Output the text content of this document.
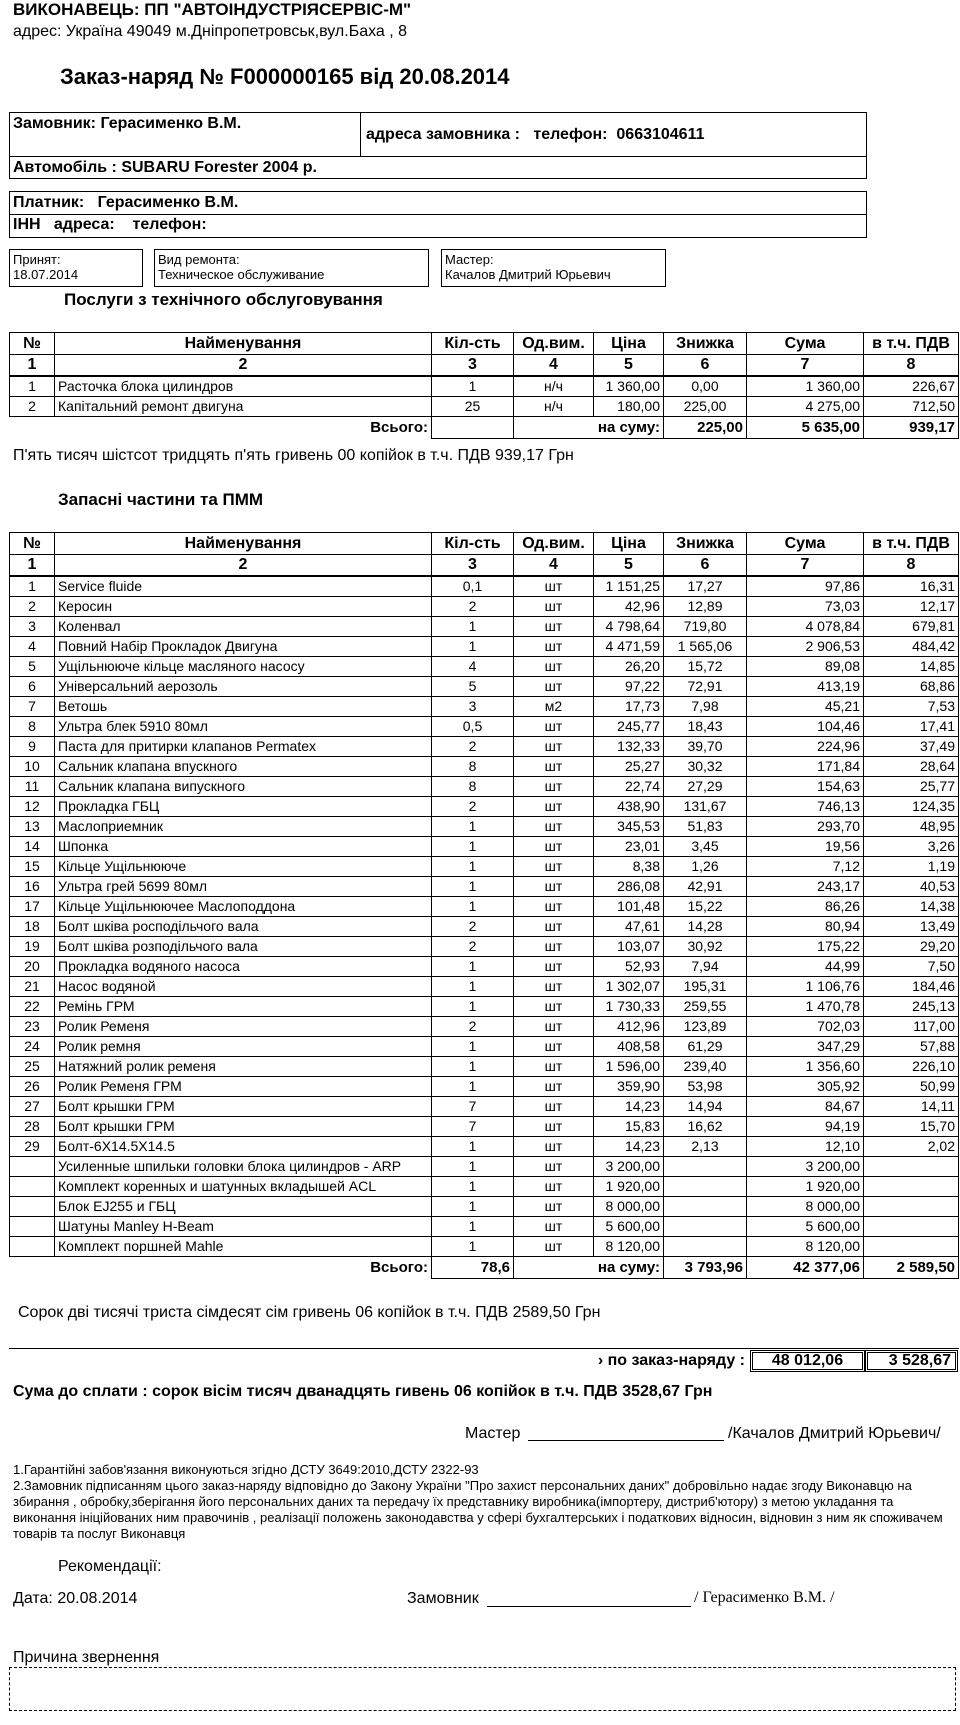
ВИКОНАВЕЦЬ: ПП "АВТОІНДУСТРІЯСЕРВІС-М"
адрес: Україна 49049 м.Дніпропетровськ,вул.Баха , 8
Заказ-наряд № F000000165 від 20.08.2014
Замовник: Герасименко В.М.
адреса замовника : телефон: 0663104611
Автомобіль : SUBARU Forester 2004 р.
Платник: Герасименко В.М.
ІНН   адреса:    телефон:
Принят:
18.07.2014
Вид ремонта:
Техническое обслуживание
Мастер:
Качалов Дмитрий Юрьевич
Послуги з технічного обслуговування
№	Найменування	Кіл-сть	Од.вим.	Ціна	Знижка	Сума	в т.ч. ПДВ
1	2	3	4	5	6	7	8
1	Расточка блока цилиндров	1	н/ч	1 360,00	0,00	1 360,00	226,67
2	Капітальний ремонт двигуна	25	н/ч	180,00	225,00	4 275,00	712,50

Всього:			на суму:		225,00	5 635,00	939,17
П'ять тисяч шістсот тридцять п'ять гривень 00 копійок в т.ч. ПДВ 939,17 Грн
Запасні частини та ПММ
№	Найменування	Кіл-сть	Од.вим.	Ціна	Знижка	Сума	в т.ч. ПДВ
1	2	3	4	5	6	7	8
1	Service fluide	0,1	шт	1 151,25	17,27	97,86	16,31
2	Керосин	2	шт	42,96	12,89	73,03	12,17
3	Коленвал	1	шт	4 798,64	719,80	4 078,84	679,81
4	Повний Набір Прокладок Двигуна	1	шт	4 471,59	1 565,06	2 906,53	484,42
5	Ущільнююче кільце масляного насосу	4	шт	26,20	15,72	89,08	14,85
6	Універсальний аерозоль	5	шт	97,22	72,91	413,19	68,86
7	Ветошь	3	м2	17,73	7,98	45,21	7,53
8	Ультра блек 5910 80мл	0,5	шт	245,77	18,43	104,46	17,41
9	Паста для притирки клапанов Permatex	2	шт	132,33	39,70	224,96	37,49
10	Сальник клапана впускного	8	шт	25,27	30,32	171,84	28,64
11	Сальник клапана випускного	8	шт	22,74	27,29	154,63	25,77
12	Прокладка ГБЦ	2	шт	438,90	131,67	746,13	124,35
13	Маслоприемник	1	шт	345,53	51,83	293,70	48,95
14	Шпонка	1	шт	23,01	3,45	19,56	3,26
15	Кільце Ущільнююче	1	шт	8,38	1,26	7,12	1,19
16	Ультра грей 5699 80мл	1	шт	286,08	42,91	243,17	40,53
17	Кільце Ущільнюючее Маслоподдона	1	шт	101,48	15,22	86,26	14,38
18	Болт шківа росподільчого вала	2	шт	47,61	14,28	80,94	13,49
19	Болт шківа розподільчого вала	2	шт	103,07	30,92	175,22	29,20
20	Прокладка водяного насоса	1	шт	52,93	7,94	44,99	7,50
21	Насос водяной	1	шт	1 302,07	195,31	1 106,76	184,46
22	Ремінь ГРМ	1	шт	1 730,33	259,55	1 470,78	245,13
23	Ролик Ременя	2	шт	412,96	123,89	702,03	117,00
24	Ролик ремня	1	шт	408,58	61,29	347,29	57,88
25	Натяжний ролик ременя	1	шт	1 596,00	239,40	1 356,60	226,10
26	Ролик Ременя ГРМ	1	шт	359,90	53,98	305,92	50,99
27	Болт крышки ГРМ	7	шт	14,23	14,94	84,67	14,11
28	Болт крышки ГРМ	7	шт	15,83	16,62	94,19	15,70
29	Болт-6Х14.5Х14.5	1	шт	14,23	2,13	12,10	2,02
	Усиленные шпильки головки блока цилиндров - ARP	1	шт	3 200,00		3 200,00	
	Комплект коренных и шатунных вкладышей ACL	1	шт	1 920,00		1 920,00	
	Блок EJ255 и ГБЦ	1	шт	8 000,00		8 000,00	
	Шатуны Manley H-Beam	1	шт	5 600,00		5 600,00	
	Комплект поршней Mahle	1	шт	8 120,00		8 120,00	

Всього:		78,6	на суму:		3 793,96	42 377,06	2 589,50
Сорок дві тисячі триста сімдесят сім гривень 06 копійок в т.ч. ПДВ 2589,50 Грн
› по заказ-наряду :	48 012,06	3 528,67
Сума до сплати : сорок вісім тисяч дванадцять гивень 06 копійок в т.ч. ПДВ 3528,67 Грн
Мастер	/Качалов Дмитрий Юрьевич/
1.Гарантійні забов'язання виконуються згідно ДСТУ 3649:2010,ДСТУ 2322-93
2.Замовник підписанням цього заказ-наряду відповідно до Закону України "Про захист персональних даних" добровільно надає згоду Виконавцю на збирання , обробку,зберігання його персональних даних та передачу їх представнику виробника(імпортеру, дистриб'ютору) з метою укладання та виконання ініційованих ним правочинів , реалізації положень законодавства у сфері бухгалтерських і податкових відносин, відновин з ним як споживачем товарів та послуг Виконавця
Рекомендації:
Дата: 20.08.2014	Замовник	/ Герасименко В.М. /
Причина звернення
